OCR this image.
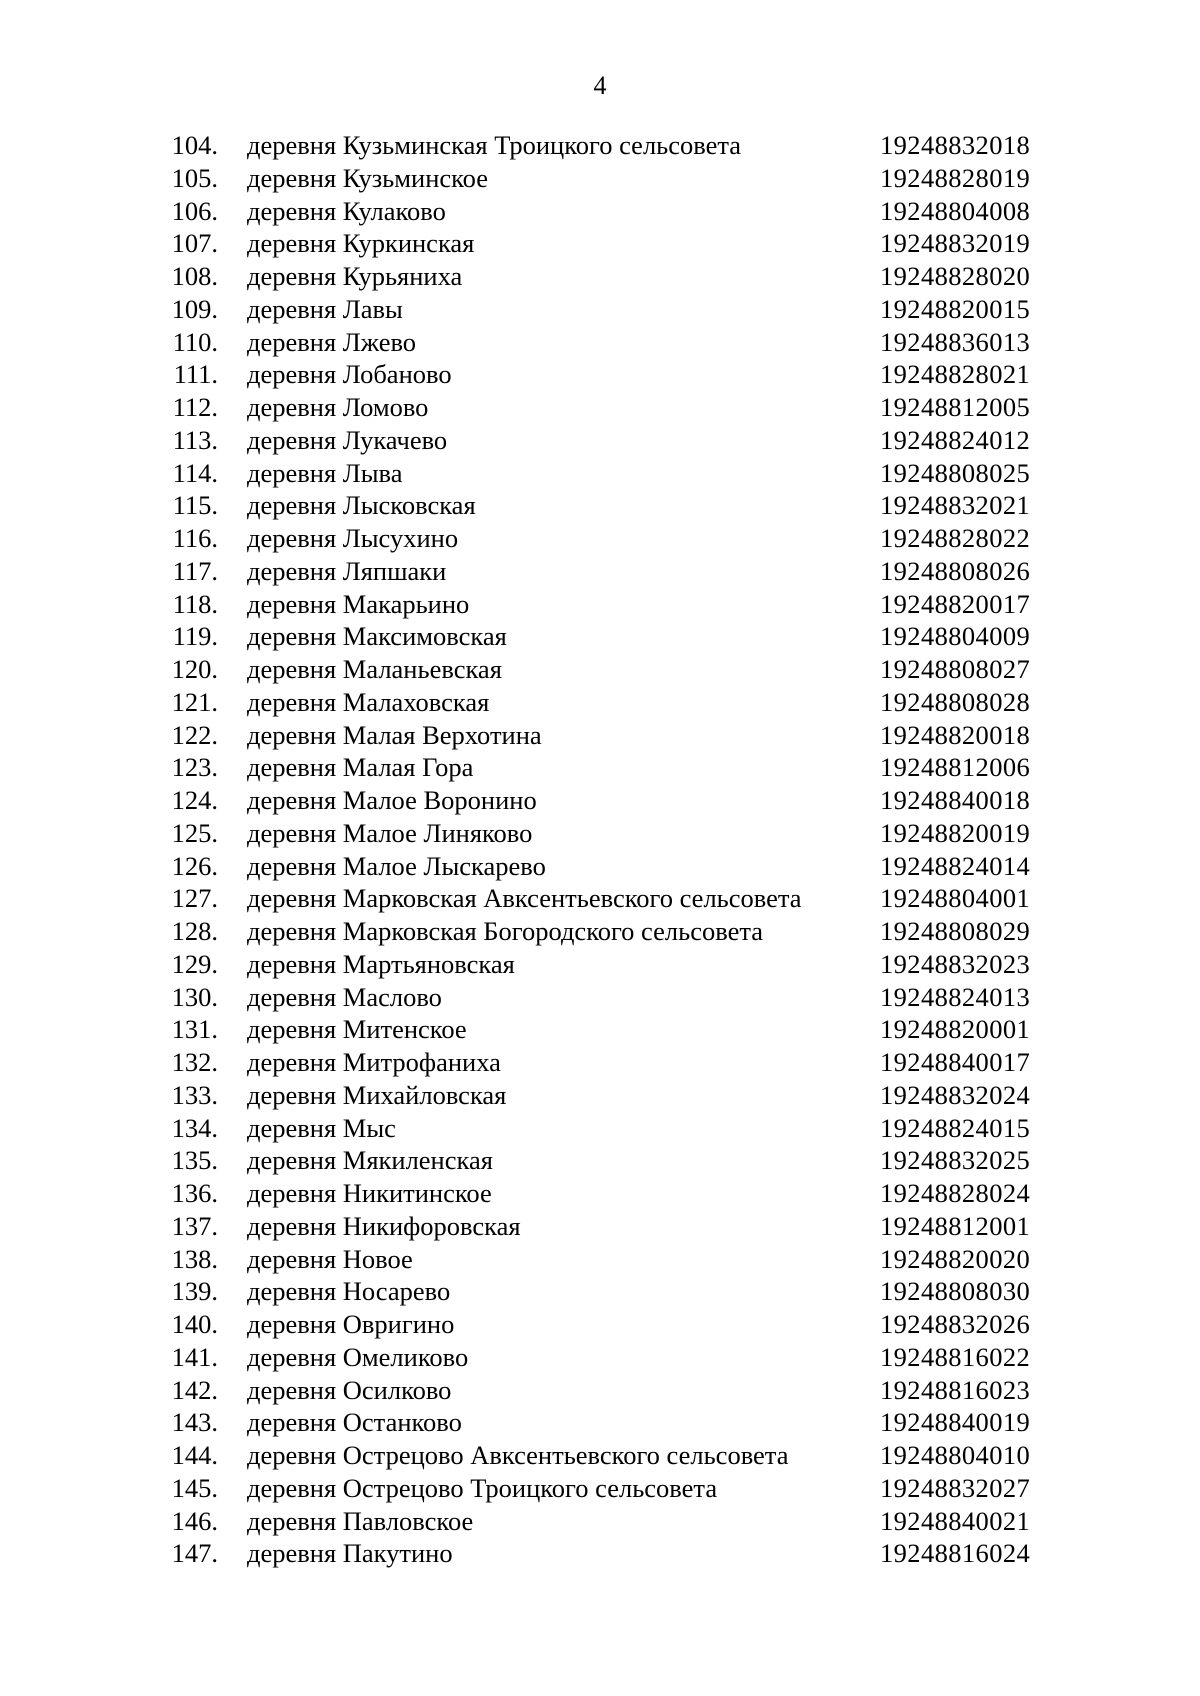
4
104. деревня Кузьминская Троицкого сельсовета	19248832018
105. деревня Кузьминское	19248828019
106. деревня Кулаково	19248804008
107. деревня Куркинская	19248832019
108. деревня Курьяниха	19248828020
109. деревня Лавы	19248820015
110. деревня Лжево	19248836013
111. деревня Лобаново	19248828021
112. деревня Ломово	19248812005
113. деревня Лукачево	19248824012
114. деревня Лыва	19248808025
115. деревня Лысковская	19248832021
116. деревня Лысухино	19248828022
117. деревня Ляпшаки	19248808026
118. деревня Макарьино	19248820017
119. деревня Максимовская	19248804009
120. деревня Маланьевская	19248808027
121. деревня Малаховская	19248808028
122. деревня Малая Верхотина	19248820018
123. деревня Малая Гора	19248812006
124. деревня Малое Воронино	19248840018
125. деревня Малое Линяково	19248820019
126. деревня Малое Лыскарево	19248824014
127. деревня Марковская Авксентьевского сельсовета	19248804001
128. деревня Марковская Богородского сельсовета	19248808029
129. деревня Мартьяновская	19248832023
130. деревня Маслово	19248824013
131. деревня Митенское	19248820001
132. деревня Митрофаниха	19248840017
133. деревня Михайловская	19248832024
134. деревня Мыс	19248824015
135. деревня Мякиленская	19248832025
136. деревня Никитинское	19248828024
137. деревня Никифоровская	19248812001
138. деревня Новое	19248820020
139. деревня Носарево	19248808030
140. деревня Овригино	19248832026
141. деревня Омеликово	19248816022
142. деревня Осилково	19248816023
143. деревня Останково	19248840019
144. деревня Острецово Авксентьевского сельсовета	19248804010
145. деревня Острецово Троицкого сельсовета	19248832027
146. деревня Павловское	19248840021
147. деревня Пакутино	19248816024
